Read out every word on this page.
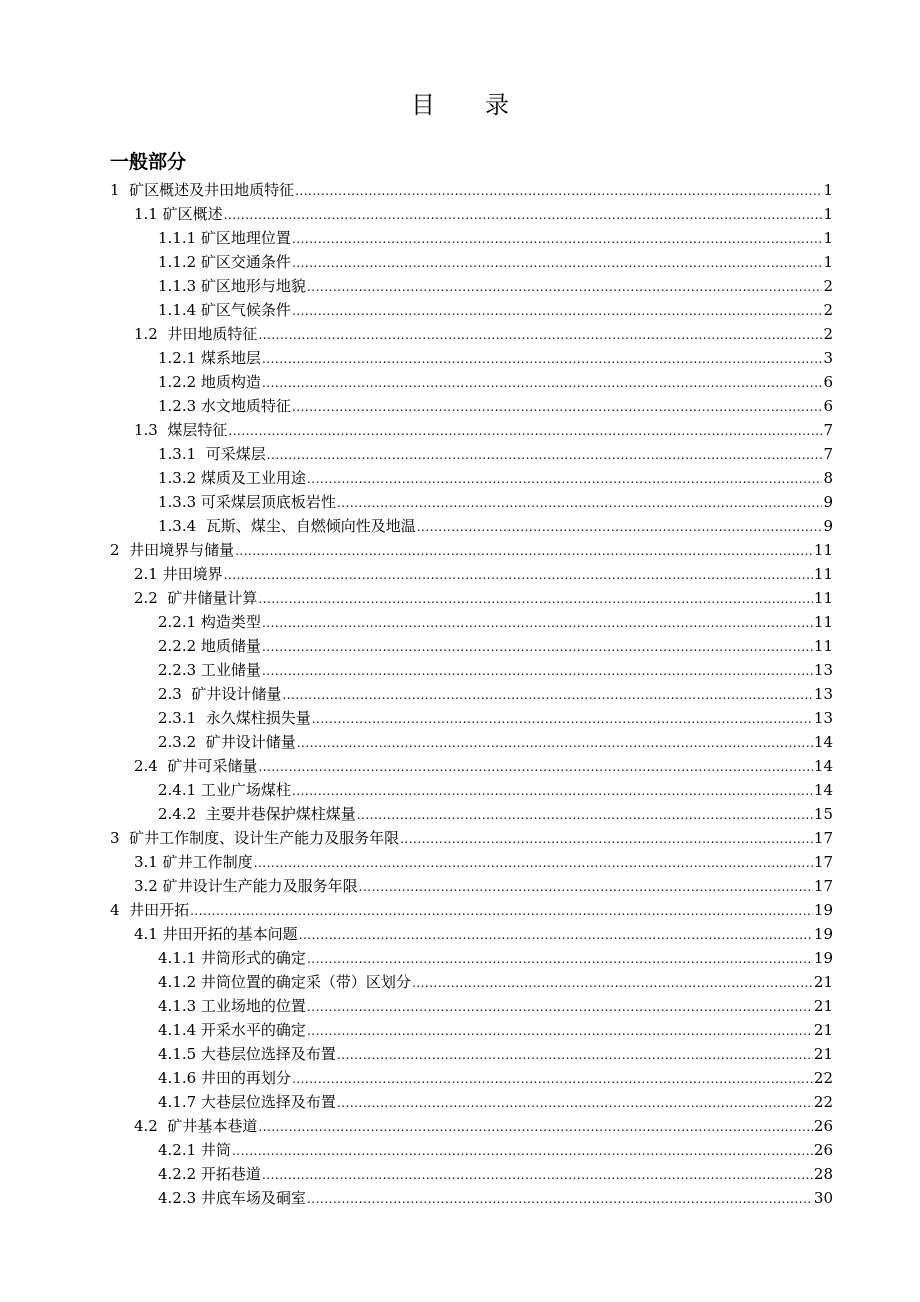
目 录
一般部分
1  矿区概述及井田地质特征 .....	1
1.1 矿区概述 .....	1
1.1.1 矿区地理位置 .....	1
1.1.2 矿区交通条件 .....	1
1.1.3 矿区地形与地貌 .....	2
1.1.4 矿区气候条件 .....	2
1.2  井田地质特征 .....	2
1.2.1 煤系地层 .....	3
1.2.2 地质构造 .....	6
1.2.3 水文地质特征 .....	6
1.3  煤层特征 .....	7
1.3.1  可采煤层 .....	7
1.3.2 煤质及工业用途 .....	8
1.3.3 可采煤层顶底板岩性 .....	9
1.3.4  瓦斯、煤尘、自燃倾向性及地温 .....	9
2  井田境界与储量 .....	11
2.1 井田境界 .....	11
2.2  矿井储量计算 .....	11
2.2.1 构造类型 .....	11
2.2.2 地质储量 .....	11
2.2.3 工业储量 .....	13
2.3  矿井设计储量 .....	13
2.3.1  永久煤柱损失量 .....	13
2.3.2  矿井设计储量 .....	14
2.4  矿井可采储量 .....	14
2.4.1 工业广场煤柱 .....	14
2.4.2  主要井巷保护煤柱煤量 .....	15
3  矿井工作制度、设计生产能力及服务年限 .....	17
3.1 矿井工作制度 .....	17
3.2 矿井设计生产能力及服务年限 .....	17
4  井田开拓 .....	19
4.1 井田开拓的基本问题 .....	19
4.1.1 井筒形式的确定 .....	19
4.1.2 井筒位置的确定采（带）区划分 .....	21
4.1.3 工业场地的位置 .....	21
4.1.4 开采水平的确定 .....	21
4.1.5 大巷层位选择及布置 .....	21
4.1.6 井田的再划分 .....	22
4.1.7 大巷层位选择及布置 .....	22
4.2  矿井基本巷道 .....	26
4.2.1 井筒 .....	26
4.2.2 开拓巷道 .....	28
4.2.3 井底车场及硐室 .....	30
